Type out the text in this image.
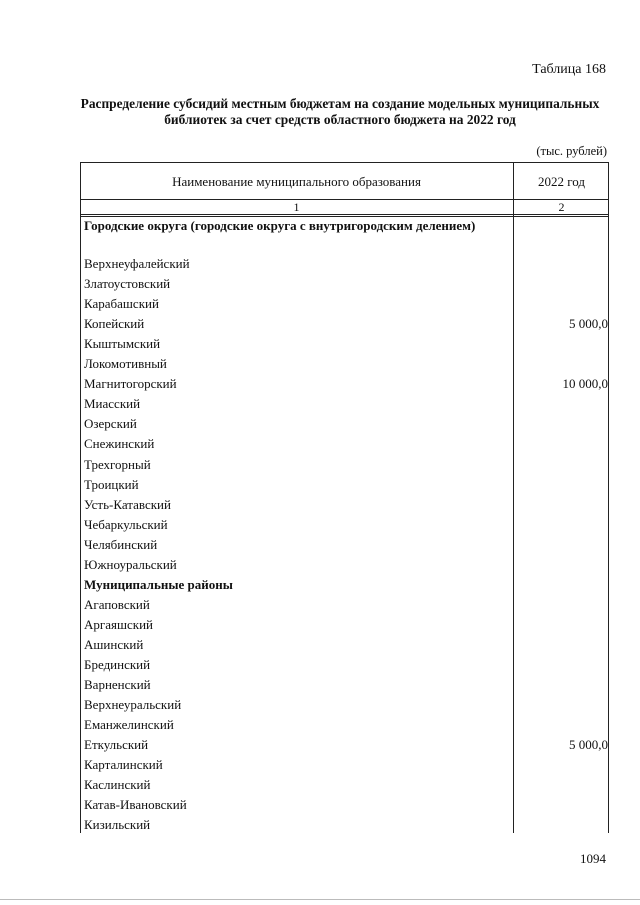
Таблица 168
Распределение субсидий местным бюджетам на создание модельных муниципальных библиотек за счет средств областного бюджета на 2022 год
(тыс. рублей)
Наименование муниципального образования	2022 год
1	2
Городские округа (городские округа с внутригородским делением)
Верхнеуфалейский
Златоустовский
Карабашский
Копейский	5 000,0
Кыштымский
Локомотивный
Магнитогорский	10 000,0
Миасский
Озерский
Снежинский
Трехгорный
Троицкий
Усть-Катавский
Чебаркульский
Челябинский
Южноуральский
Муниципальные районы
Агаповский
Аргаяшский
Ашинский
Брединский
Варненский
Верхнеуральский
Еманжелинский
Еткульский	5 000,0
Карталинский
Каслинский
Катав-Ивановский
Кизильский
1094
